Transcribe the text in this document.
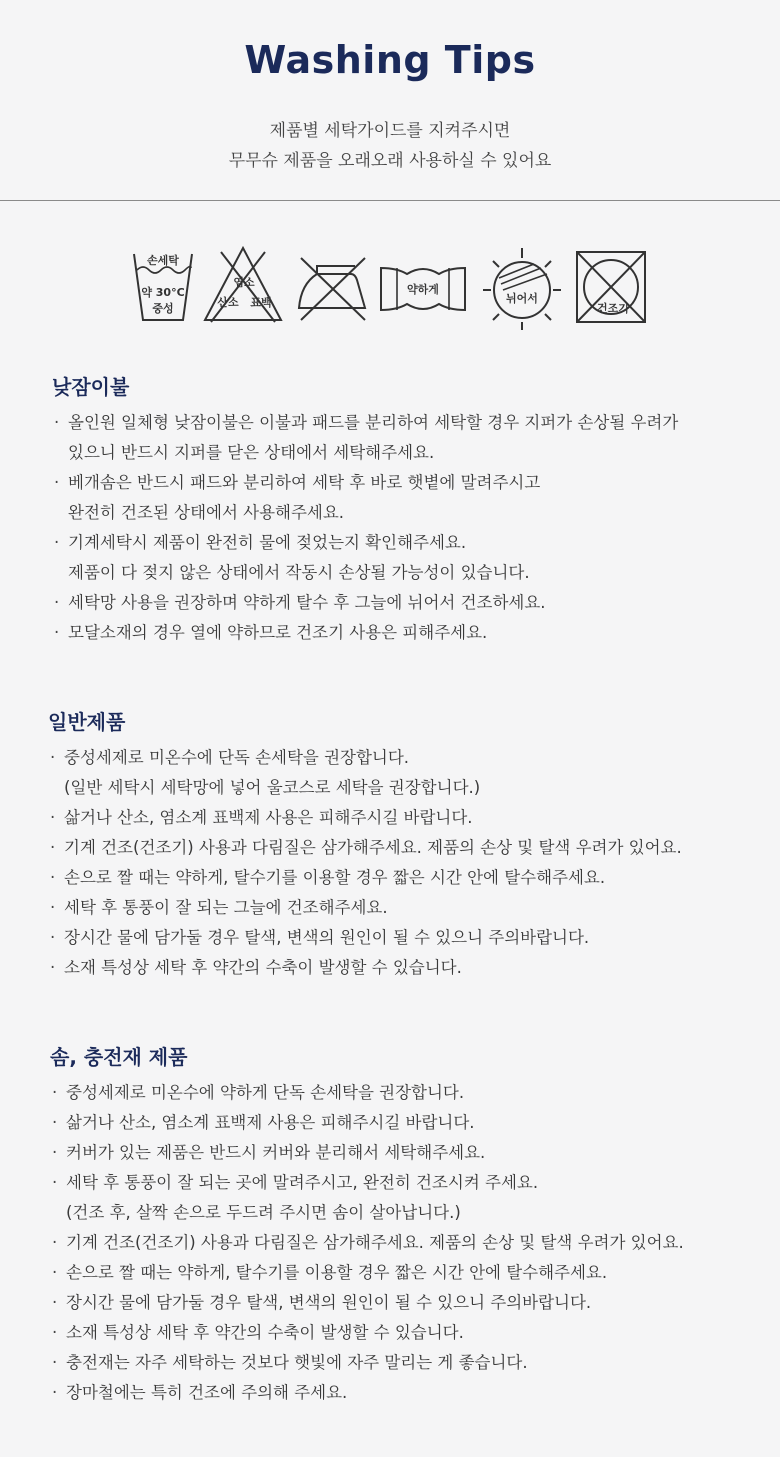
Washing Tips
제품별 세탁가이드를 지켜주시면
무무슈 제품을 오래오래 사용하실 수 있어요
손세탁
약 30°C
중성
염소
산소 표백
약하게
뉘어서
건조기
낮잠이불
· 올인원 일체형 낮잠이불은 이불과 패드를 분리하여 세탁할 경우 지퍼가 손상될 우려가
있으니 반드시 지퍼를 닫은 상태에서 세탁해주세요.
· 베개솜은 반드시 패드와 분리하여 세탁 후 바로 햇볕에 말려주시고
완전히 건조된 상태에서 사용해주세요.
· 기계세탁시 제품이 완전히 물에 젖었는지 확인해주세요.
제품이 다 젖지 않은 상태에서 작동시 손상될 가능성이 있습니다.
· 세탁망 사용을 권장하며 약하게 탈수 후 그늘에 뉘어서 건조하세요.
· 모달소재의 경우 열에 약하므로 건조기 사용은 피해주세요.
일반제품
· 중성세제로 미온수에 단독 손세탁을 권장합니다.
(일반 세탁시 세탁망에 넣어 울코스로 세탁을 권장합니다.)
· 삶거나 산소, 염소계 표백제 사용은 피해주시길 바랍니다.
· 기계 건조(건조기) 사용과 다림질은 삼가해주세요. 제품의 손상 및 탈색 우려가 있어요.
· 손으로 짤 때는 약하게, 탈수기를 이용할 경우 짧은 시간 안에 탈수해주세요.
· 세탁 후 통풍이 잘 되는 그늘에 건조해주세요.
· 장시간 물에 담가둘 경우 탈색, 변색의 원인이 될 수 있으니 주의바랍니다.
· 소재 특성상 세탁 후 약간의 수축이 발생할 수 있습니다.
솜, 충전재 제품
· 중성세제로 미온수에 약하게 단독 손세탁을 권장합니다.
· 삶거나 산소, 염소계 표백제 사용은 피해주시길 바랍니다.
· 커버가 있는 제품은 반드시 커버와 분리해서 세탁해주세요.
· 세탁 후 통풍이 잘 되는 곳에 말려주시고, 완전히 건조시켜 주세요.
(건조 후, 살짝 손으로 두드려 주시면 솜이 살아납니다.)
· 기계 건조(건조기) 사용과 다림질은 삼가해주세요. 제품의 손상 및 탈색 우려가 있어요.
· 손으로 짤 때는 약하게, 탈수기를 이용할 경우 짧은 시간 안에 탈수해주세요.
· 장시간 물에 담가둘 경우 탈색, 변색의 원인이 될 수 있으니 주의바랍니다.
· 소재 특성상 세탁 후 약간의 수축이 발생할 수 있습니다.
· 충전재는 자주 세탁하는 것보다 햇빛에 자주 말리는 게 좋습니다.
· 장마철에는 특히 건조에 주의해 주세요.
